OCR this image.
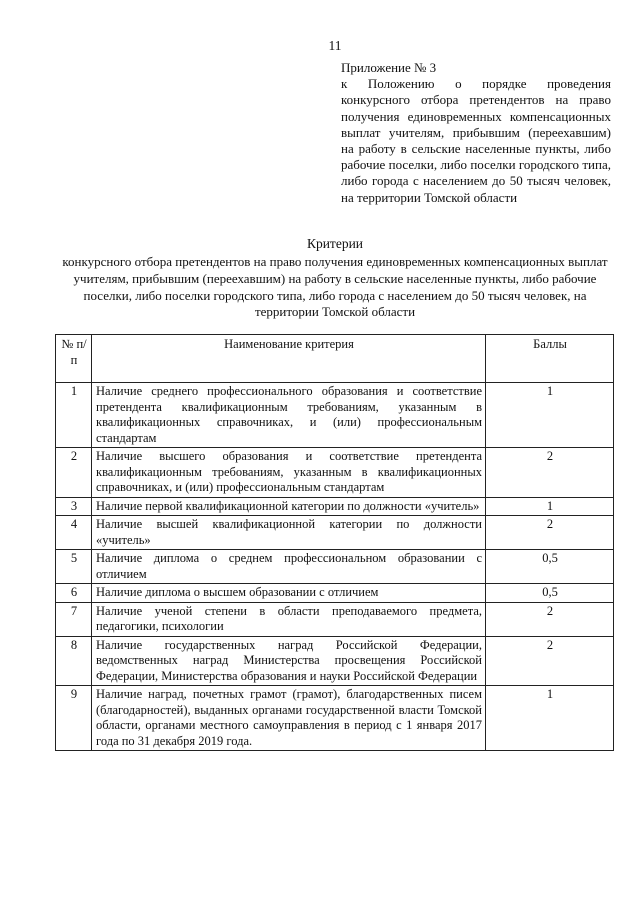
11
Приложение № 3
к Положению о порядке проведения конкурсного отбора претендентов на право получения единовременных компенсационных выплат учителям, прибывшим (переехавшим) на работу в сельские населенные пункты, либо рабочие поселки, либо поселки городского типа, либо города с населением до 50 тысяч человек, на территории Томской области
Критерии
конкурсного отбора претендентов на право получения единовременных компенсационных выплат учителям, прибывшим (переехавшим) на работу в сельские населенные пункты, либо рабочие поселки, либо поселки городского типа, либо города с населением до 50 тысяч человек, на территории Томской области
№ п/п	Наименование критерия	Баллы
1	Наличие среднего профессионального образования и соответствие претендента квалификационным требованиям, указанным в квалификационных справочниках, и (или) профессиональным стандартам	1
2	Наличие высшего образования и соответствие претендента квалификационным требованиям, указанным в квалификационных справочниках, и (или) профессиональным стандартам	2
3	Наличие первой квалификационной категории по должности «учитель»	1
4	Наличие высшей квалификационной категории по должности «учитель»	2
5	Наличие диплома о среднем профессиональном образовании с отличием	0,5
6	Наличие диплома о высшем образовании с отличием	0,5
7	Наличие ученой степени в области преподаваемого предмета, педагогики, психологии	2
8	Наличие государственных наград Российской Федерации, ведомственных наград Министерства просвещения Российской Федерации, Министерства образования и науки Российской Федерации	2
9	Наличие наград, почетных грамот (грамот), благодарственных писем (благодарностей), выданных органами государственной власти Томской области, органами местного самоуправления в период с 1 января 2017 года по 31 декабря 2019 года.	1
